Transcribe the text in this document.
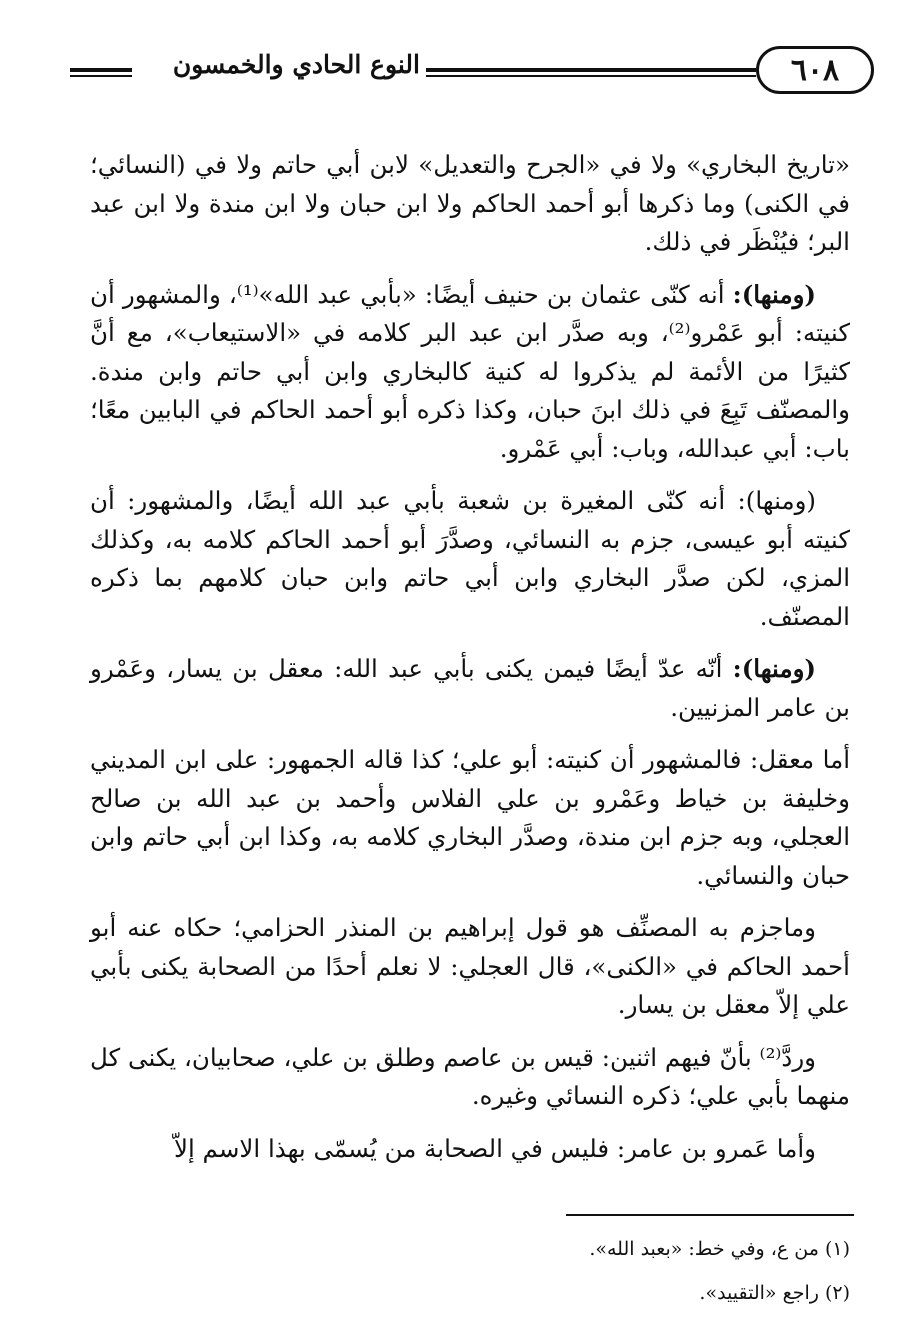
النوع الحادي والخمسون	٦٠٨

«تاريخ البخاري» ولا في «الجرح والتعديل» لابن أبي حاتم ولا في (النسائي؛ في الكنى) وما ذكرها أبو أحمد الحاكم ولا ابن حبان ولا ابن مندة ولا ابن عبد البر؛ فيُنْظَر في ذلك.

(ومنها): أنه كنّى عثمان بن حنيف أيضًا: «بأبي عبد الله»⁽¹⁾، والمشهور أن كنيته: أبو عَمْرو⁽²⁾، وبه صدَّر ابن عبد البر كلامه في «الاستيعاب»، مع أنَّ كثيرًا من الأئمة لم يذكروا له كنية كالبخاري وابن أبي حاتم وابن مندة. والمصنّف تَبِعَ في ذلك ابنَ حبان، وكذا ذكره أبو أحمد الحاكم في البابين معًا؛ باب: أبي عبدالله، وباب: أبي عَمْرو.

(ومنها): أنه كنّى المغيرة بن شعبة بأبي عبد الله أيضًا، والمشهور: أن كنيته أبو عيسى، جزم به النسائي، وصدَّرَ أبو أحمد الحاكم كلامه به، وكذلك المزي، لكن صدَّر البخاري وابن أبي حاتم وابن حبان كلامهم بما ذكره المصنّف.

(ومنها): أنّه عدّ أيضًا فيمن يكنى بأبي عبد الله: معقل بن يسار، وعَمْرو بن عامر المزنيين.

أما معقل: فالمشهور أن كنيته: أبو علي؛ كذا قاله الجمهور: على ابن المديني وخليفة بن خياط وعَمْرو بن علي الفلاس وأحمد بن عبد الله بن صالح العجلي، وبه جزم ابن مندة، وصدَّر البخاري كلامه به، وكذا ابن أبي حاتم وابن حبان والنسائي.

وماجزم به المصنِّف هو قول إبراهيم بن المنذر الحزامي؛ حكاه عنه أبو أحمد الحاكم في «الكنى»، قال العجلي: لا نعلم أحدًا من الصحابة يكنى بأبي علي إلاّ معقل بن يسار.

وردَّ⁽²⁾ بأنّ فيهم اثنين: قيس بن عاصم وطلق بن علي، صحابيان، يكنى كل منهما بأبي علي؛ ذكره النسائي وغيره.

وأما عَمرو بن عامر: فليس في الصحابة من يُسمّى بهذا الاسم إلاّ

(١) من ع، وفي خط: «بعبد الله».

(٢) راجع «التقييد».
